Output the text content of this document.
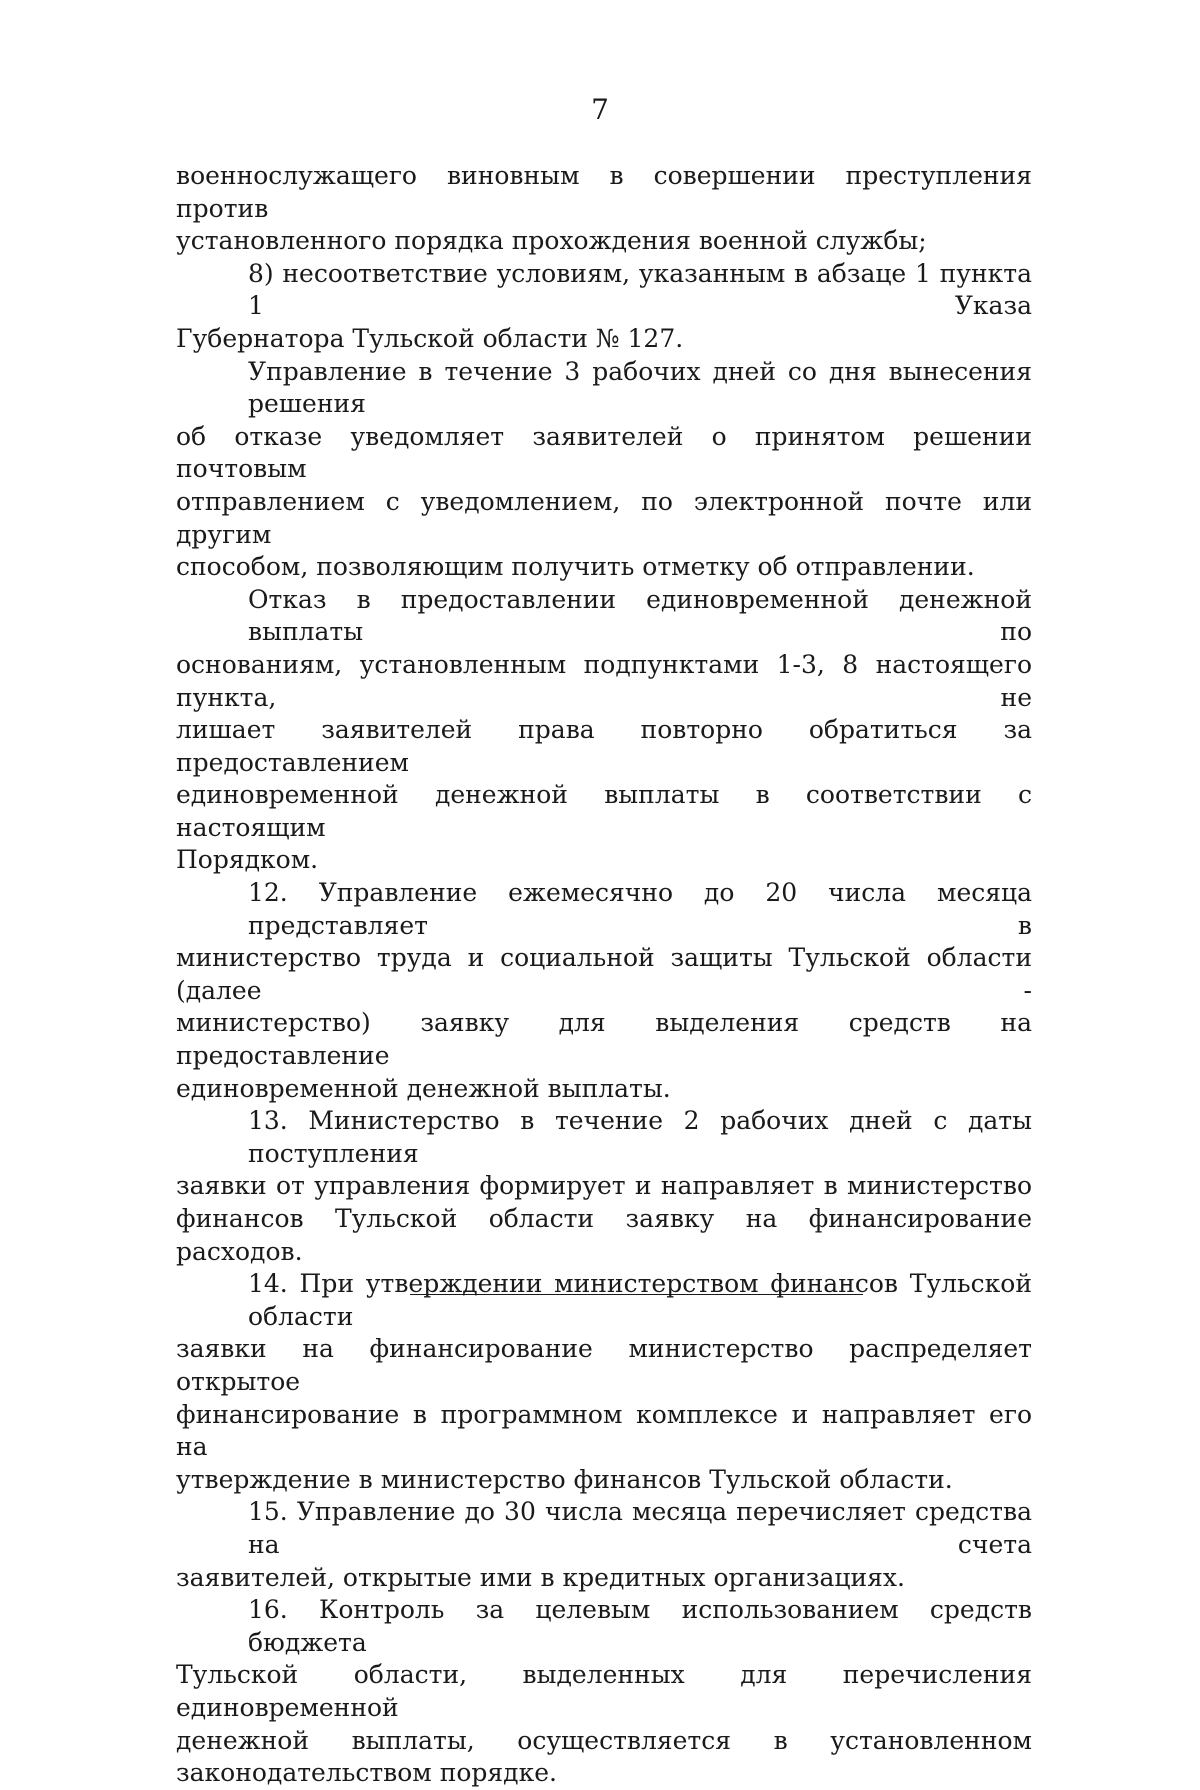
7

военнослужащего виновным в совершении преступления против
установленного порядка прохождения военной службы;

8) несоответствие условиям, указанным в абзаце 1 пункта 1 Указа
Губернатора Тульской области № 127.

Управление в течение 3 рабочих дней со дня вынесения решения
об отказе уведомляет заявителей о принятом решении почтовым
отправлением с уведомлением, по электронной почте или другим
способом, позволяющим получить отметку об отправлении.

Отказ в предоставлении единовременной денежной выплаты по
основаниям, установленным подпунктами 1-3, 8 настоящего пункта, не
лишает заявителей права повторно обратиться за предоставлением
единовременной денежной выплаты в соответствии с настоящим
Порядком.

12. Управление ежемесячно до 20 числа месяца представляет в
министерство труда и социальной защиты Тульской области (далее -
министерство) заявку для выделения средств на предоставление
единовременной денежной выплаты.

13. Министерство в течение 2 рабочих дней с даты поступления
заявки от управления формирует и направляет в министерство
финансов Тульской области заявку на финансирование расходов.

14. При утверждении министерством финансов Тульской области
заявки на финансирование министерство распределяет открытое
финансирование в программном комплексе и направляет его на
утверждение в министерство финансов Тульской области.

15. Управление до 30 числа месяца перечисляет средства на счета
заявителей, открытые ими в кредитных организациях.

16. Контроль за целевым использованием средств бюджета
Тульской области, выделенных для перечисления единовременной
денежной выплаты, осуществляется в установленном
законодательством порядке.
